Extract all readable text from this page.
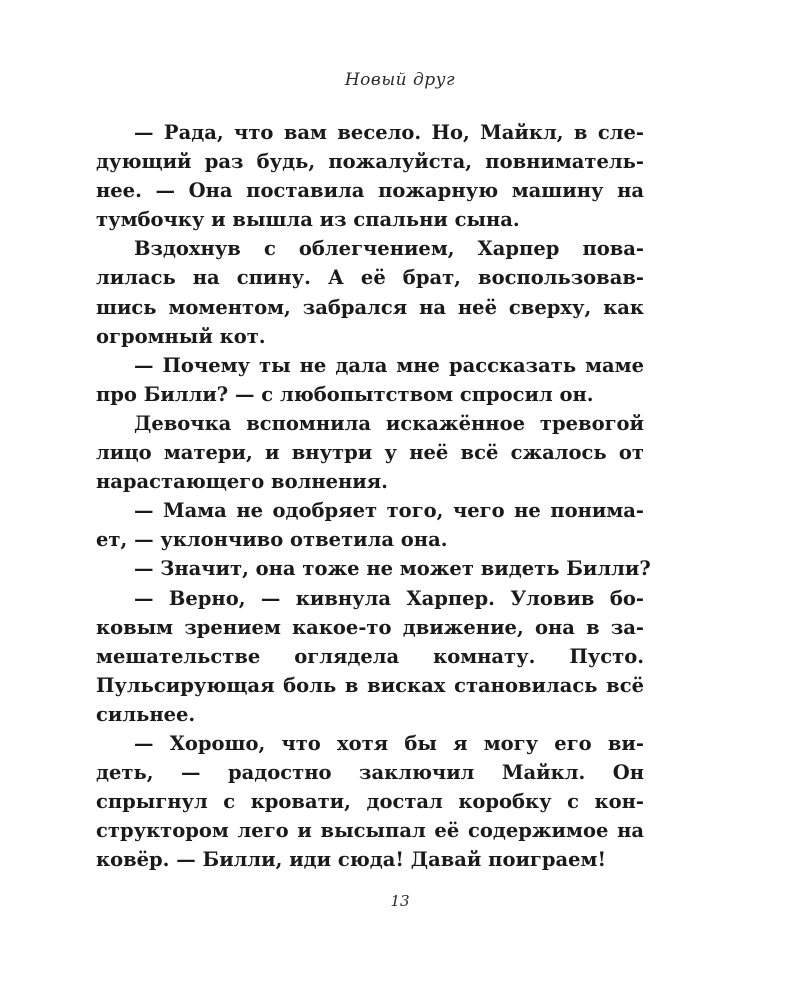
Новый друг
— Рада, что вам весело. Но, Майкл, в сле-
дующий раз будь, пожалуйста, повниматель-
нее. — Она поставила пожарную машину на
тумбочку и вышла из спальни сына.
Вздохнув с облегчением, Харпер пова-
лилась на спину. А её брат, воспользовав-
шись моментом, забрался на неё сверху, как
огромный кот.
— Почему ты не дала мне рассказать маме
про Билли? — с любопытством спросил он.
Девочка вспомнила искажённое тревогой
лицо матери, и внутри у неё всё сжалось от
нарастающего волнения.
— Мама не одобряет того, чего не понима-
ет, — уклончиво ответила она.
— Значит, она тоже не может видеть Билли?
— Верно, — кивнула Харпер. Уловив бо-
ковым зрением какое-то движение, она в за-
мешательстве оглядела комнату. Пусто.
Пульсирующая боль в висках становилась всё
сильнее.
— Хорошо, что хотя бы я могу его ви-
деть, — радостно заключил Майкл. Он
спрыгнул с кровати, достал коробку с кон-
структором лего и высыпал её содержимое на
ковёр. — Билли, иди сюда! Давай поиграем!
13
